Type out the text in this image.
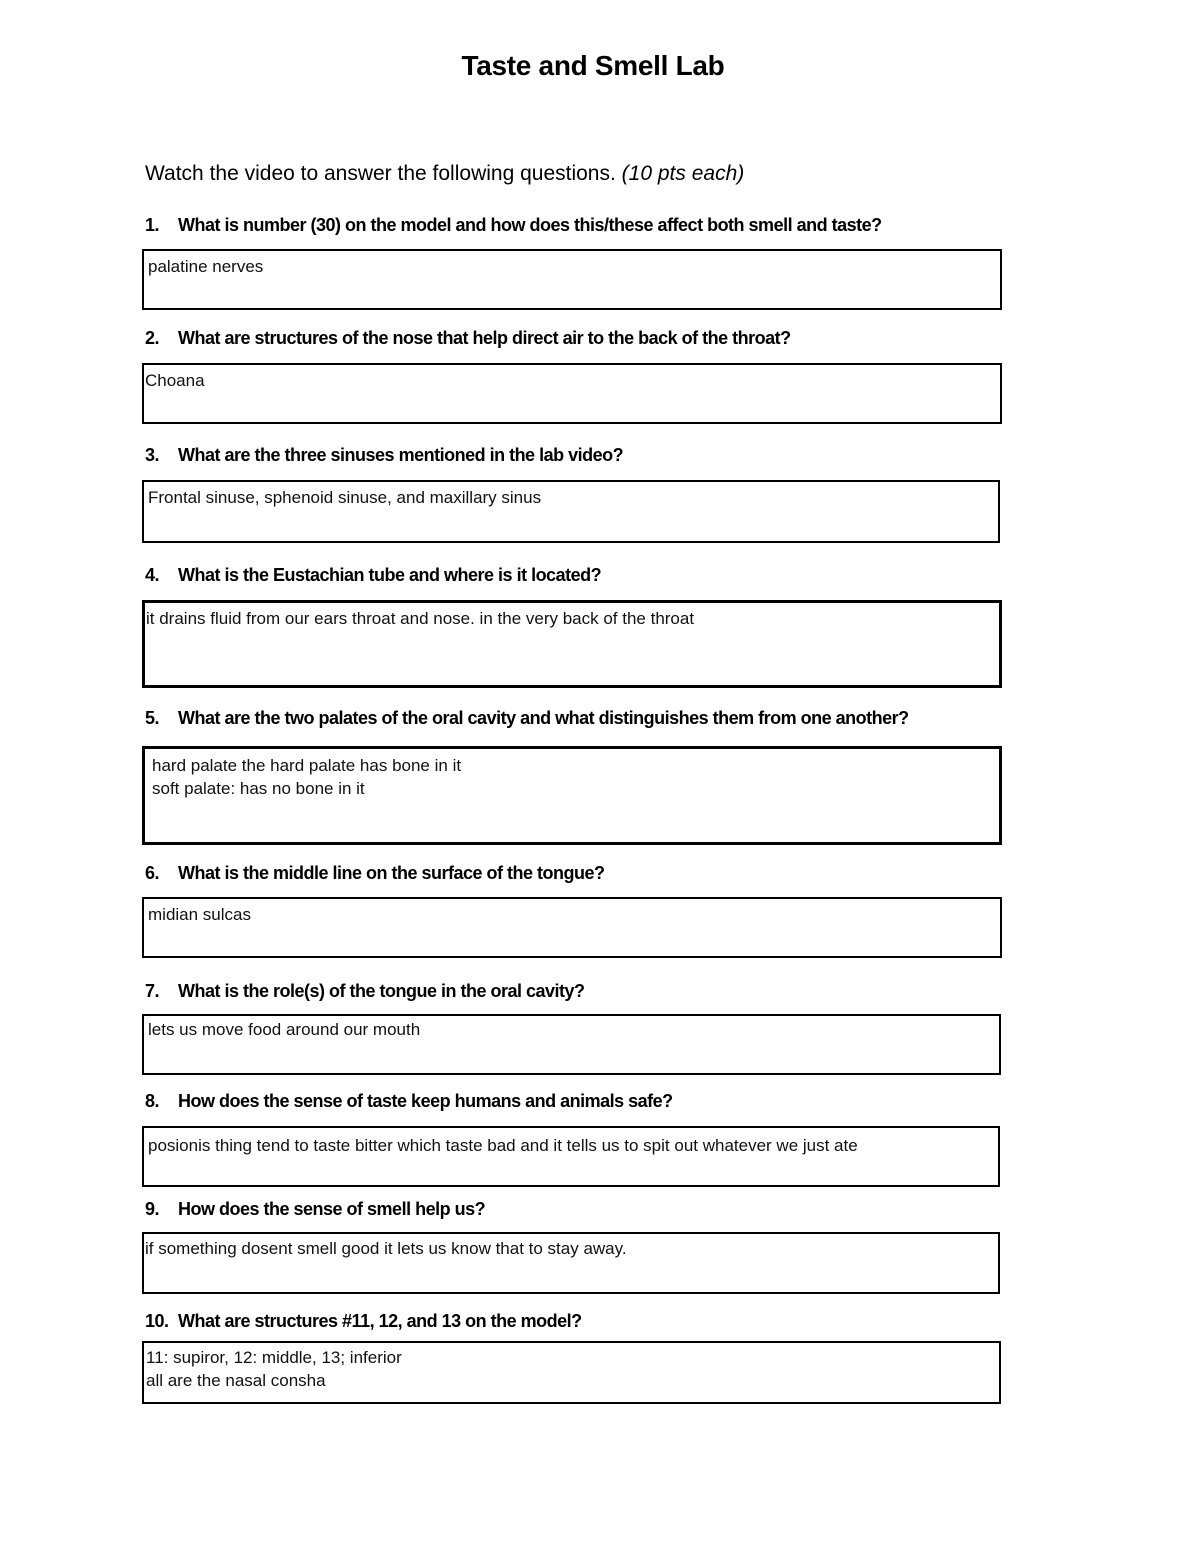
Taste and Smell Lab
Watch the video to answer the following questions. (10 pts each)
1. What is number (30) on the model and how does this/these affect both smell and taste?
palatine nerves
2. What are structures of the nose that help direct air to the back of the throat?
Choana
3. What are the three sinuses mentioned in the lab video?
Frontal sinuse, sphenoid sinuse, and maxillary sinus
4. What is the Eustachian tube and where is it located?
it drains fluid from our ears throat and nose. in the very back of the throat
5. What are the two palates of the oral cavity and what distinguishes them from one another?
hard palate the hard palate has bone in it
soft palate: has no bone in it
6. What is the middle line on the surface of the tongue?
midian sulcas
7. What is the role(s) of the tongue in the oral cavity?
lets us move food around our mouth
8. How does the sense of taste keep humans and animals safe?
posionis thing tend to taste bitter which taste bad and it tells us to spit out whatever we just ate
9. How does the sense of smell help us?
if something dosent smell good it lets us know that to stay away.
10. What are structures #11, 12, and 13 on the model?
11: supiror, 12: middle, 13; inferior
all are the nasal consha
